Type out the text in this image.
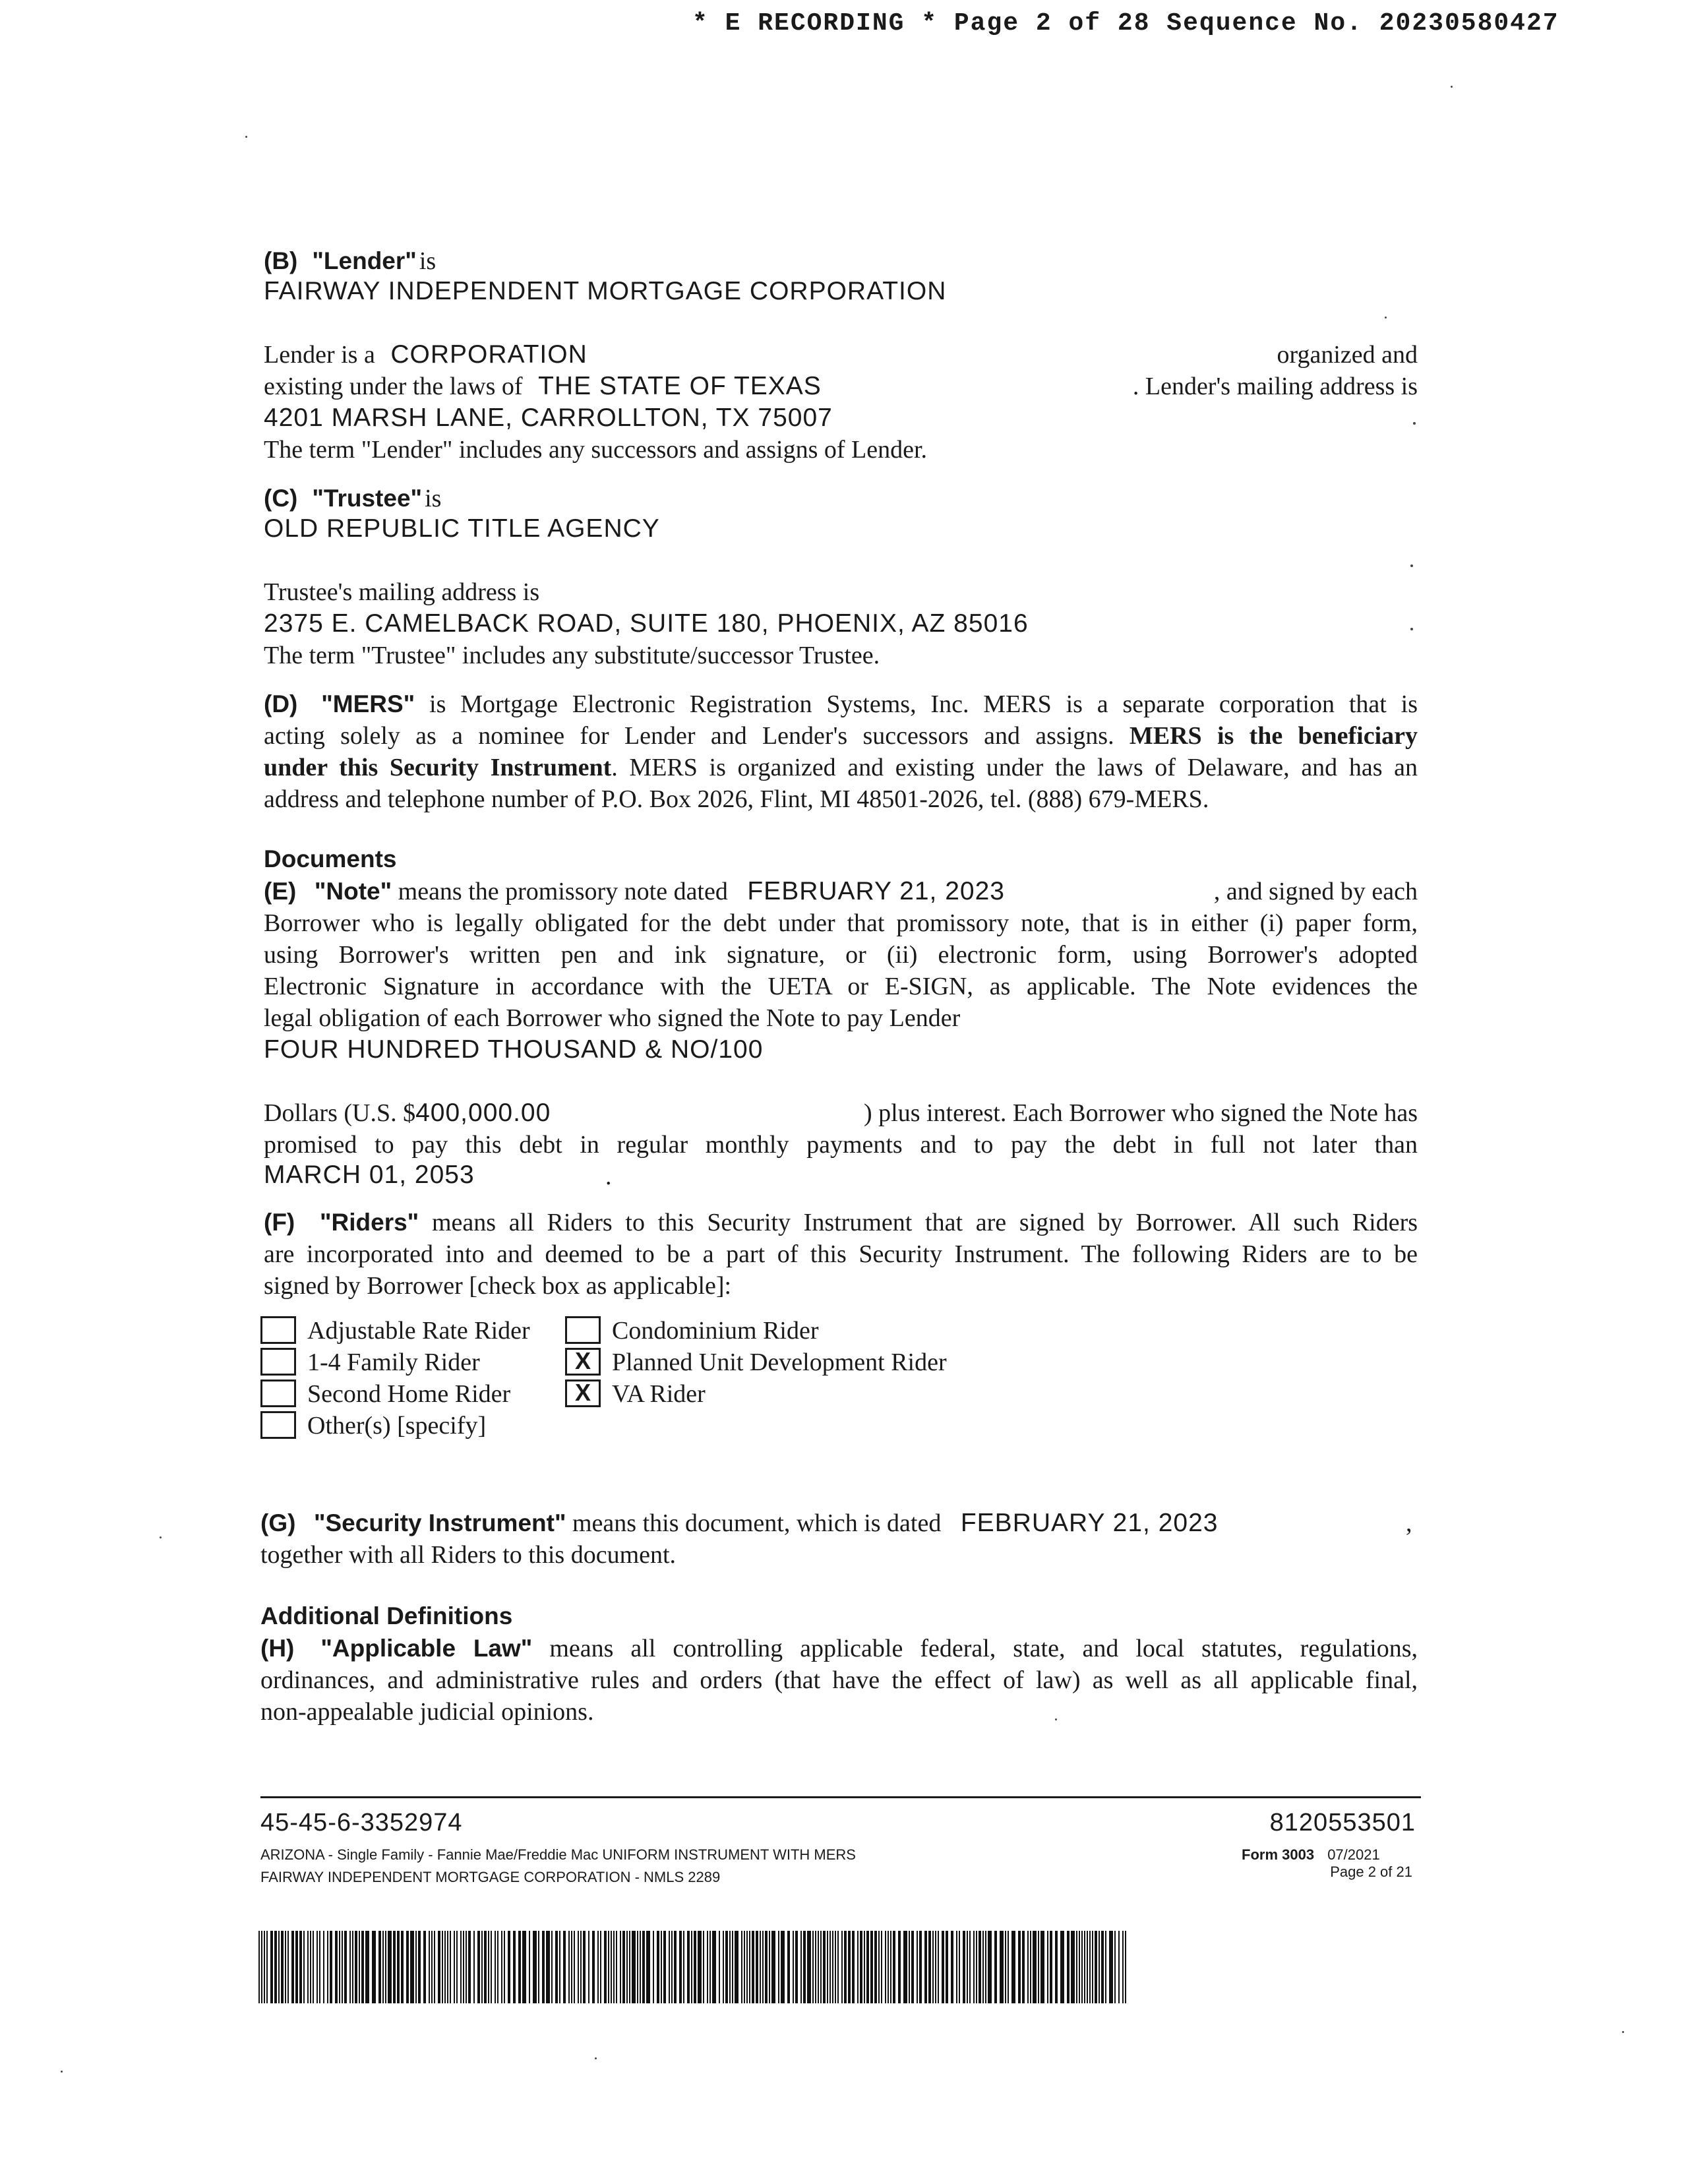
* E RECORDING * Page 2 of 28 Sequence No. 20230580427
(B) "Lender" is
FAIRWAY INDEPENDENT MORTGAGE CORPORATION
Lender is a CORPORATION	organized and
existing under the laws of THE STATE OF TEXAS	. Lender's mailing address is
4201 MARSH LANE, CARROLLTON, TX 75007
The term "Lender" includes any successors and assigns of Lender.
(C) "Trustee" is
OLD REPUBLIC TITLE AGENCY
Trustee's mailing address is
2375 E. CAMELBACK ROAD, SUITE 180, PHOENIX, AZ 85016
The term "Trustee" includes any substitute/successor Trustee.
(D) "MERS" is Mortgage Electronic Registration Systems, Inc. MERS is a separate corporation that is
acting solely as a nominee for Lender and Lender's successors and assigns. MERS is the beneficiary
under this Security Instrument. MERS is organized and existing under the laws of Delaware, and has an
address and telephone number of P.O. Box 2026, Flint, MI 48501-2026, tel. (888) 679-MERS.
Documents
(E) "Note" means the promissory note dated FEBRUARY 21, 2023	, and signed by each
Borrower who is legally obligated for the debt under that promissory note, that is in either (i) paper form,
using Borrower's written pen and ink signature, or (ii) electronic form, using Borrower's adopted
Electronic Signature in accordance with the UETA or E-SIGN, as applicable. The Note evidences the
legal obligation of each Borrower who signed the Note to pay Lender
FOUR HUNDRED THOUSAND & NO/100
Dollars (U.S. $400,000.00	) plus interest. Each Borrower who signed the Note has
promised to pay this debt in regular monthly payments and to pay the debt in full not later than
MARCH 01, 2053	.
(F) "Riders" means all Riders to this Security Instrument that are signed by Borrower. All such Riders
are incorporated into and deemed to be a part of this Security Instrument. The following Riders are to be
signed by Borrower [check box as applicable]:
Adjustable Rate Rider
1-4 Family Rider
Second Home Rider
Other(s) [specify]
Condominium Rider
X Planned Unit Development Rider
X VA Rider
(G) "Security Instrument" means this document, which is dated FEBRUARY 21, 2023	,
together with all Riders to this document.
Additional Definitions
(H) "Applicable Law" means all controlling applicable federal, state, and local statutes, regulations,
ordinances, and administrative rules and orders (that have the effect of law) as well as all applicable final,
non-appealable judicial opinions.
45-45-6-3352974	8120553501
ARIZONA - Single Family - Fannie Mae/Freddie Mac UNIFORM INSTRUMENT WITH MERS
FAIRWAY INDEPENDENT MORTGAGE CORPORATION - NMLS 2289
Form 3003 07/2021
Page 2 of 21
